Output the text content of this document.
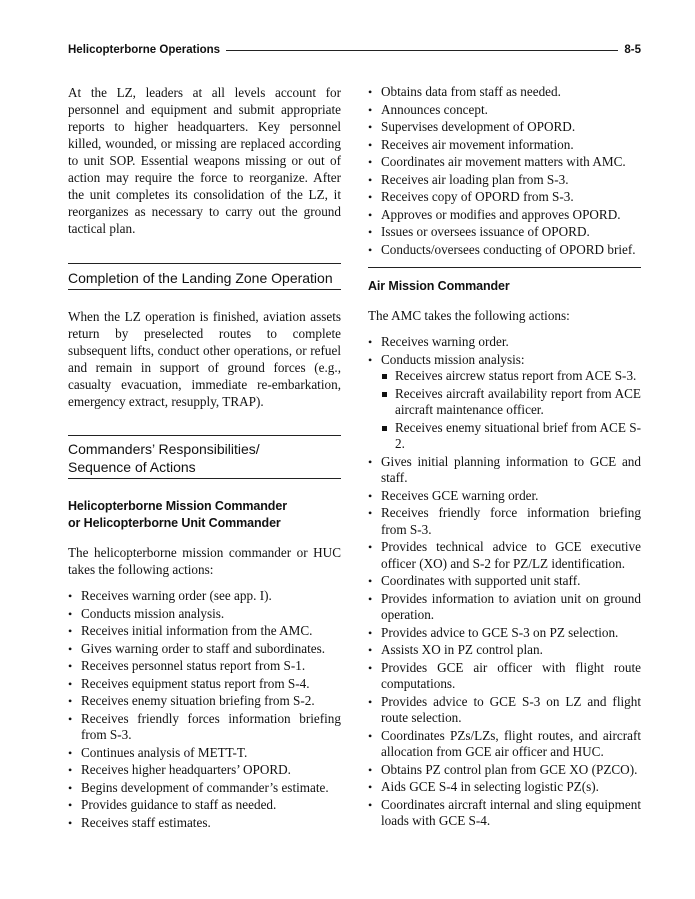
Helicopterborne Operations	8-5

At the LZ, leaders at all levels account for personnel and equipment and submit appropriate reports to higher headquarters. Key personnel killed, wounded, or missing are replaced according to unit SOP. Essential weapons missing or out of action may require the force to reorganize. After the unit completes its consolidation of the LZ, it reorganizes as necessary to carry out the ground tactical plan.

Completion of the Landing Zone Operation

When the LZ operation is finished, aviation assets return by preselected routes to complete subsequent lifts, conduct other operations, or refuel and remain in support of ground forces (e.g., casualty evacuation, immediate re-embarkation, emergency extract, resupply, TRAP).

Commanders’ Responsibilities/
Sequence of Actions
Helicopterborne Mission Commander
or Helicopterborne Unit Commander

The helicopterborne mission commander or HUC takes the following actions:

• Receives warning order (see app. I).
• Conducts mission analysis.
• Receives initial information from the AMC.
• Gives warning order to staff and subordinates.
• Receives personnel status report from S-1.
• Receives equipment status report from S-4.
• Receives enemy situation briefing from S-2.
• Receives friendly forces information briefing from S-3.
• Continues analysis of METT-T.
• Receives higher headquarters’ OPORD.
• Begins development of commander’s estimate.
• Provides guidance to staff as needed.
• Receives staff estimates.
• Obtains data from staff as needed.
• Announces concept.
• Supervises development of OPORD.
• Receives air movement information.
• Coordinates air movement matters with AMC.
• Receives air loading plan from S-3.
• Receives copy of OPORD from S-3.
• Approves or modifies and approves OPORD.
• Issues or oversees issuance of OPORD.
• Conducts/oversees conducting of OPORD brief.
Air Mission Commander

The AMC takes the following actions:

• Receives warning order.
• Conducts mission analysis:
Receives aircrew status report from ACE S-3.
Receives aircraft availability report from ACE aircraft maintenance officer.
Receives enemy situational brief from ACE S-2.
• Gives initial planning information to GCE and staff.
• Receives GCE warning order.
• Receives friendly force information briefing from S-3.
• Provides technical advice to GCE executive officer (XO) and S-2 for PZ/LZ identification.
• Coordinates with supported unit staff.
• Provides information to aviation unit on ground operation.
• Provides advice to GCE S-3 on PZ selection.
• Assists XO in PZ control plan.
• Provides GCE air officer with flight route computations.
• Provides advice to GCE S-3 on LZ and flight route selection.
• Coordinates PZs/LZs, flight routes, and aircraft allocation from GCE air officer and HUC.
• Obtains PZ control plan from GCE XO (PZCO).
• Aids GCE S-4 in selecting logistic PZ(s).
• Coordinates aircraft internal and sling equipment loads with GCE S-4.
